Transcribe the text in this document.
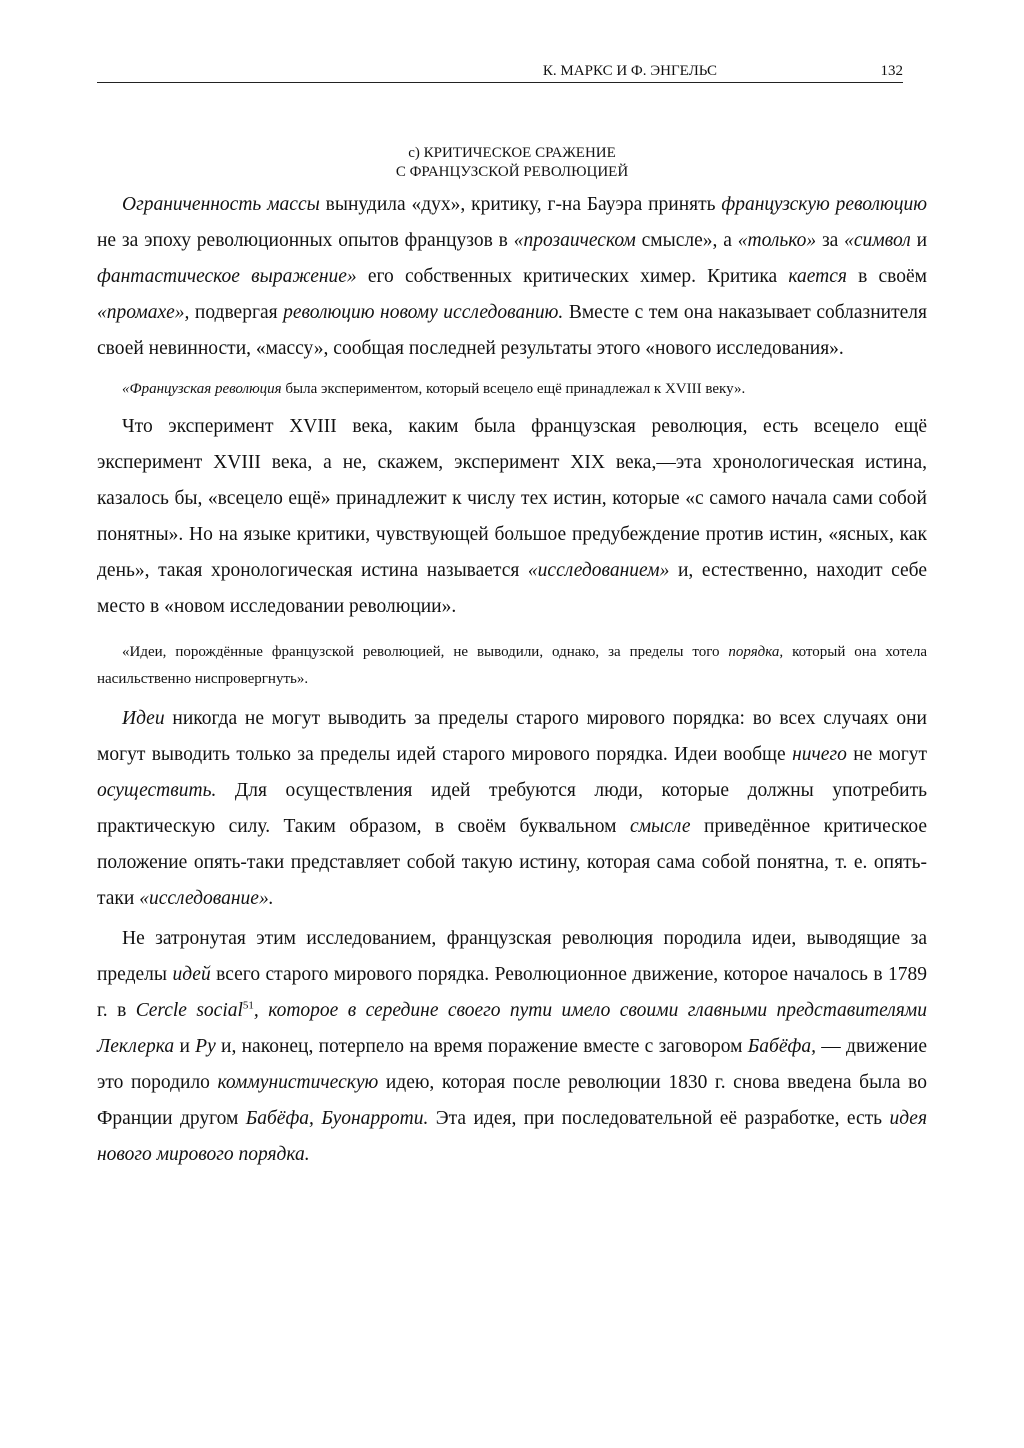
К. МАРКС И Ф. ЭНГЕЛЬС	132
c) КРИТИЧЕСКОЕ СРАЖЕНИЕ
С ФРАНЦУЗСКОЙ РЕВОЛЮЦИЕЙ

Ограниченность массы вынудила «дух», критику, г-на Бауэра принять французскую революцию не за эпоху революционных опытов французов в «прозаическом смысле», а «только» за «символ и фантастическое выражение» его собственных критических химер. Критика кается в своём «промахе», подвергая революцию новому исследованию. Вместе с тем она наказывает соблазнителя своей невинности, «массу», сообщая последней результаты этого «нового исследования».

«Французская революция была экспериментом, который всецело ещё принадлежал к XVIII веку».

Что эксперимент XVIII века, каким была французская революция, есть всецело ещё эксперимент XVIII века, а не, скажем, эксперимент XIX века,—эта хронологическая истина, казалось бы, «всецело ещё» принадлежит к числу тех истин, которые «с самого начала сами собой понятны». Но на языке критики, чувствующей большое предубеждение против истин, «ясных, как день», такая хронологическая истина называется «исследованием» и, естественно, находит себе место в «новом исследовании революции».

«Идеи, порождённые французской революцией, не выводили, однако, за пределы того порядка, который она хотела насильственно ниспровергнуть».

Идеи никогда не могут выводить за пределы старого мирового порядка: во всех случаях они могут выводить только за пределы идей старого мирового порядка. Идеи вообще ничего не могут осуществить. Для осуществления идей требуются люди, которые должны употребить практическую силу. Таким образом, в своём буквальном смысле приведённое критическое положение опять-таки представляет собой такую истину, которая сама собой понятна, т. е. опять-таки «исследование».

Не затронутая этим исследованием, французская революция породила идеи, выводящие за пределы идей всего старого мирового порядка. Революционное движение, которое началось в 1789 г. в Cercle social$^{51}$, которое в середине своего пути имело своими главными представителями Леклерка и Ру и, наконец, потерпело на время поражение вместе с заговором Бабёфа, — движение это породило коммунистическую идею, которая после революции 1830 г. снова введена была во Франции другом Бабёфа, Буонарроти. Эта идея, при последовательной её разработке, есть идея нового мирового порядка.
